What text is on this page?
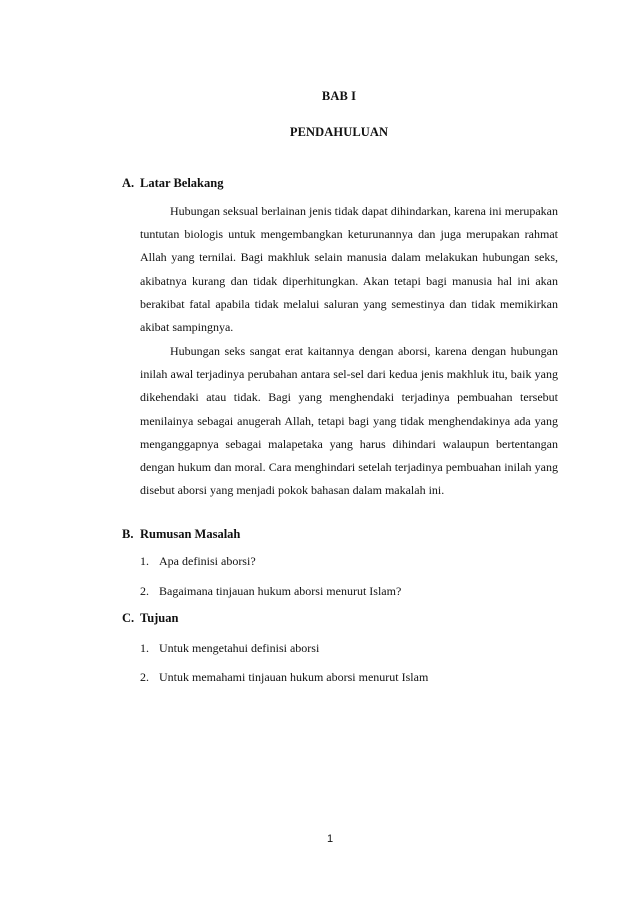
BAB I
PENDAHULUAN
A. Latar Belakang

Hubungan seksual berlainan jenis tidak dapat dihindarkan, karena ini merupakan tuntutan biologis untuk mengembangkan keturunannya dan juga merupakan rahmat Allah yang ternilai. Bagi makhluk selain manusia dalam melakukan hubungan seks, akibatnya kurang dan tidak diperhitungkan. Akan tetapi bagi manusia hal ini akan berakibat fatal apabila tidak melalui saluran yang semestinya dan tidak memikirkan akibat sampingnya.

Hubungan seks sangat erat kaitannya dengan aborsi, karena dengan hubungan inilah awal terjadinya perubahan antara sel-sel dari kedua jenis makhluk itu, baik yang dikehendaki atau tidak. Bagi yang menghendaki terjadinya pembuahan tersebut menilainya sebagai anugerah Allah, tetapi bagi yang tidak menghendakinya ada yang menganggapnya sebagai malapetaka yang harus dihindari walaupun bertentangan dengan hukum dan moral. Cara menghindari setelah terjadinya pembuahan inilah yang disebut aborsi yang menjadi pokok bahasan dalam makalah ini.

B. Rumusan Masalah
1. Apa definisi aborsi?
2. Bagaimana tinjauan hukum aborsi menurut Islam?
C. Tujuan
1. Untuk mengetahui definisi aborsi
2. Untuk memahami tinjauan hukum aborsi menurut Islam
1
